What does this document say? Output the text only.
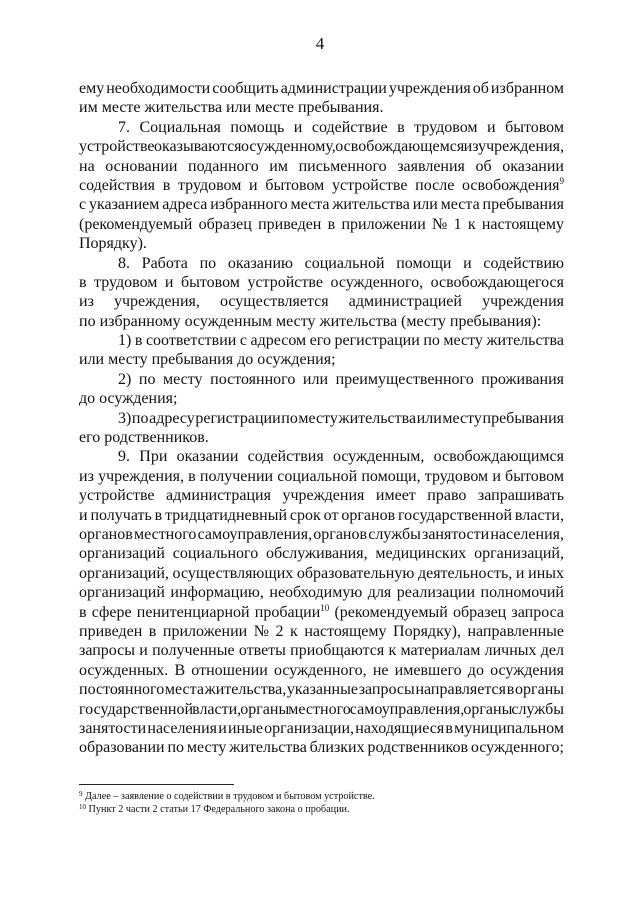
4
ему необходимости сообщить администрации учреждения об избранном
им месте жительства или месте пребывания.
7. Социальная помощь и содействие в трудовом и бытовом
устройстве оказываются осужденному, освобождающемся из учреждения,
на основании поданного им письменного заявления об оказании
содействия в трудовом и бытовом устройстве после освобождения$^9$
с указанием адреса избранного места жительства или места пребывания
(рекомендуемый образец приведен в приложении № 1 к настоящему
Порядку).
8. Работа по оказанию социальной помощи и содействию
в трудовом и бытовом устройстве осужденного, освобождающегося
из учреждения, осуществляется администрацией учреждения
по избранному осужденным месту жительства (месту пребывания):
1) в соответствии с адресом его регистрации по месту жительства
или месту пребывания до осуждения;
2) по месту постоянного или преимущественного проживания
до осуждения;
3) по адресу регистрации по месту жительства или месту пребывания
его родственников.
9. При оказании содействия осужденным, освобождающимся
из учреждения, в получении социальной помощи, трудовом и бытовом
устройстве администрация учреждения имеет право запрашивать
и получать в тридцатидневный срок от органов государственной власти,
органов местного самоуправления, органов службы занятости населения,
организаций социального обслуживания, медицинских организаций,
организаций, осуществляющих образовательную деятельность, и иных
организаций информацию, необходимую для реализации полномочий
в сфере пенитенциарной пробации$^{10}$ (рекомендуемый образец запроса
приведен в приложении № 2 к настоящему Порядку), направленные
запросы и полученные ответы приобщаются к материалам личных дел
осужденных. В отношении осужденного, не имевшего до осуждения
постоянного места жительства, указанные запросы направляется в органы
государственной власти, органы местного самоуправления, органы службы
занятости населения и иные организации, находящиеся в муниципальном
образовании по месту жительства близких родственников осужденного;
$^9$ Далее – заявление о содействии в трудовом и бытовом устройстве.
$^{10}$ Пункт 2 части 2 статьи 17 Федерального закона о пробации.
